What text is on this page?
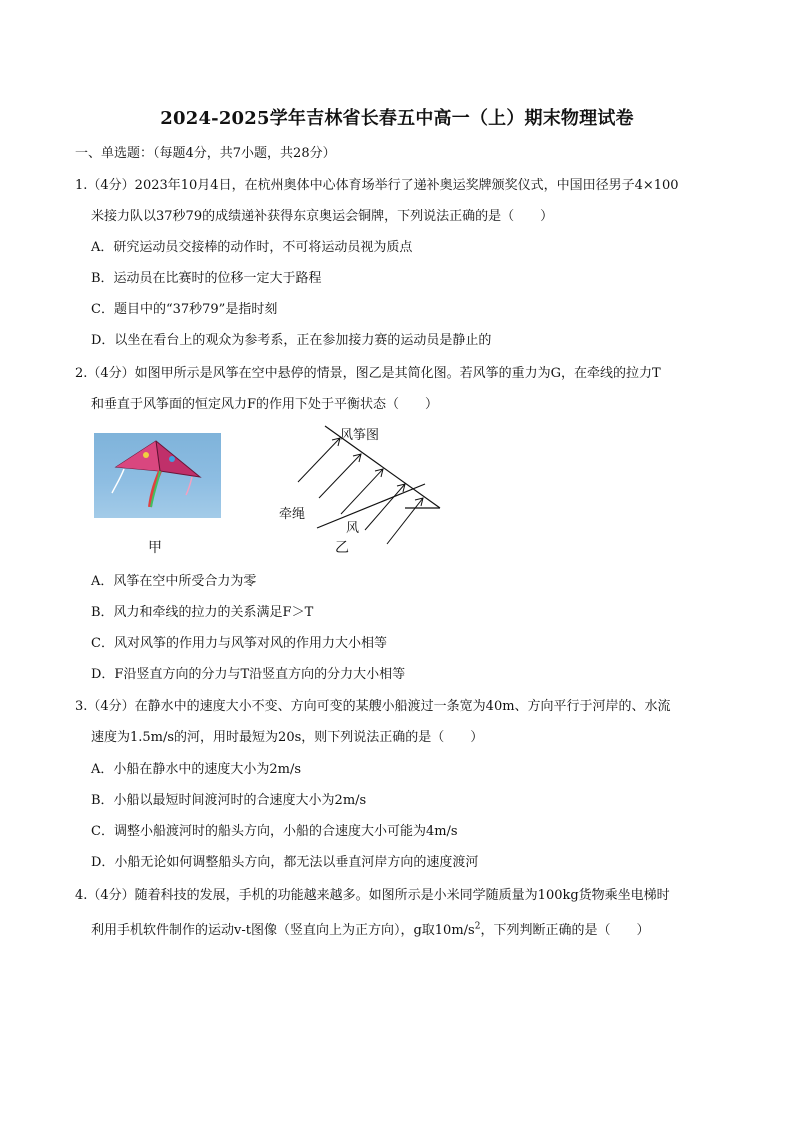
2024-2025学年吉林省长春五中高一（上）期末物理试卷
一、单选题：（每题4分，共7小题，共28分）
1.（4分）2023年10月4日，在杭州奥体中心体育场举行了递补奥运奖牌颁奖仪式，中国田径男子4×100
米接力队以37秒79的成绩递补获得东京奥运会铜牌，下列说法正确的是（　　）
A．研究运动员交接棒的动作时，不可将运动员视为质点
B．运动员在比赛时的位移一定大于路程
C．题目中的“37秒79”是指时刻
D．以坐在看台上的观众为参考系，正在参加接力赛的运动员是静止的
2.（4分）如图甲所示是风筝在空中悬停的情景，图乙是其简化图。若风筝的重力为G，在牵线的拉力T
和垂直于风筝面的恒定风力F的作用下处于平衡状态（　　）
甲
风筝图
牵绳
风
乙
A．风筝在空中所受合力为零
B．风力和牵线的拉力的关系满足F＞T
C．风对风筝的作用力与风筝对风的作用力大小相等
D．F沿竖直方向的分力与T沿竖直方向的分力大小相等
3.（4分）在静水中的速度大小不变、方向可变的某艘小船渡过一条宽为40m、方向平行于河岸的、水流
速度为1.5m/s的河，用时最短为20s，则下列说法正确的是（　　）
A．小船在静水中的速度大小为2m/s
B．小船以最短时间渡河时的合速度大小为2m/s
C．调整小船渡河时的船头方向，小船的合速度大小可能为4m/s
D．小船无论如何调整船头方向，都无法以垂直河岸方向的速度渡河
4.（4分）随着科技的发展，手机的功能越来越多。如图所示是小米同学随质量为100kg货物乘坐电梯时
利用手机软件制作的运动v-t图像（竖直向上为正方向），g取$10m/s^2$，下列判断正确的是（　　）
